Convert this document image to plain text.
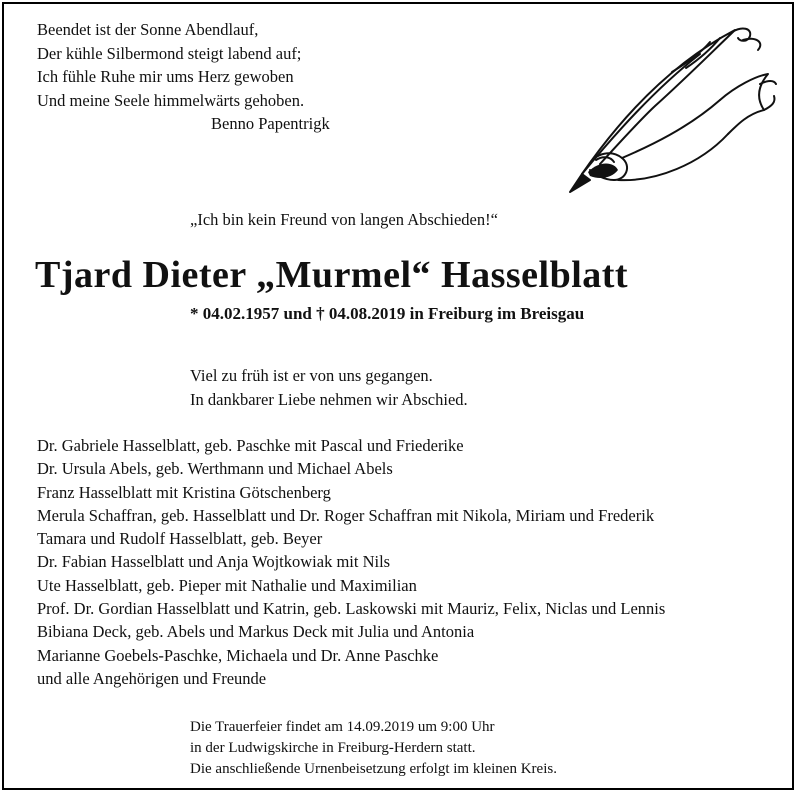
Beendet ist der Sonne Abendlauf,
Der kühle Silbermond steigt labend auf;
Ich fühle Ruhe mir ums Herz gewoben
Und meine Seele himmelwärts gehoben.
Benno Papentrigk
„Ich bin kein Freund von langen Abschieden!“
Tjard Dieter „Murmel“ Hasselblatt
* 04.02.1957 und † 04.08.2019 in Freiburg im Breisgau
Viel zu früh ist er von uns gegangen.
In dankbarer Liebe nehmen wir Abschied.
Dr. Gabriele Hasselblatt, geb. Paschke mit Pascal und Friederike
Dr. Ursula Abels, geb. Werthmann und Michael Abels
Franz Hasselblatt mit Kristina Götschenberg
Merula Schaffran, geb. Hasselblatt und Dr. Roger Schaffran mit Nikola, Miriam und Frederik
Tamara und Rudolf Hasselblatt, geb. Beyer
Dr. Fabian Hasselblatt und Anja Wojtkowiak mit Nils
Ute Hasselblatt, geb. Pieper mit Nathalie und Maximilian
Prof. Dr. Gordian Hasselblatt und Katrin, geb. Laskowski mit Mauriz, Felix, Niclas und Lennis
Bibiana Deck, geb. Abels und Markus Deck mit Julia und Antonia
Marianne Goebels-Paschke, Michaela und Dr. Anne Paschke
und alle Angehörigen und Freunde
Die Trauerfeier findet am 14.09.2019 um 9:00 Uhr
in der Ludwigskirche in Freiburg-Herdern statt.
Die anschließende Urnenbeisetzung erfolgt im kleinen Kreis.
